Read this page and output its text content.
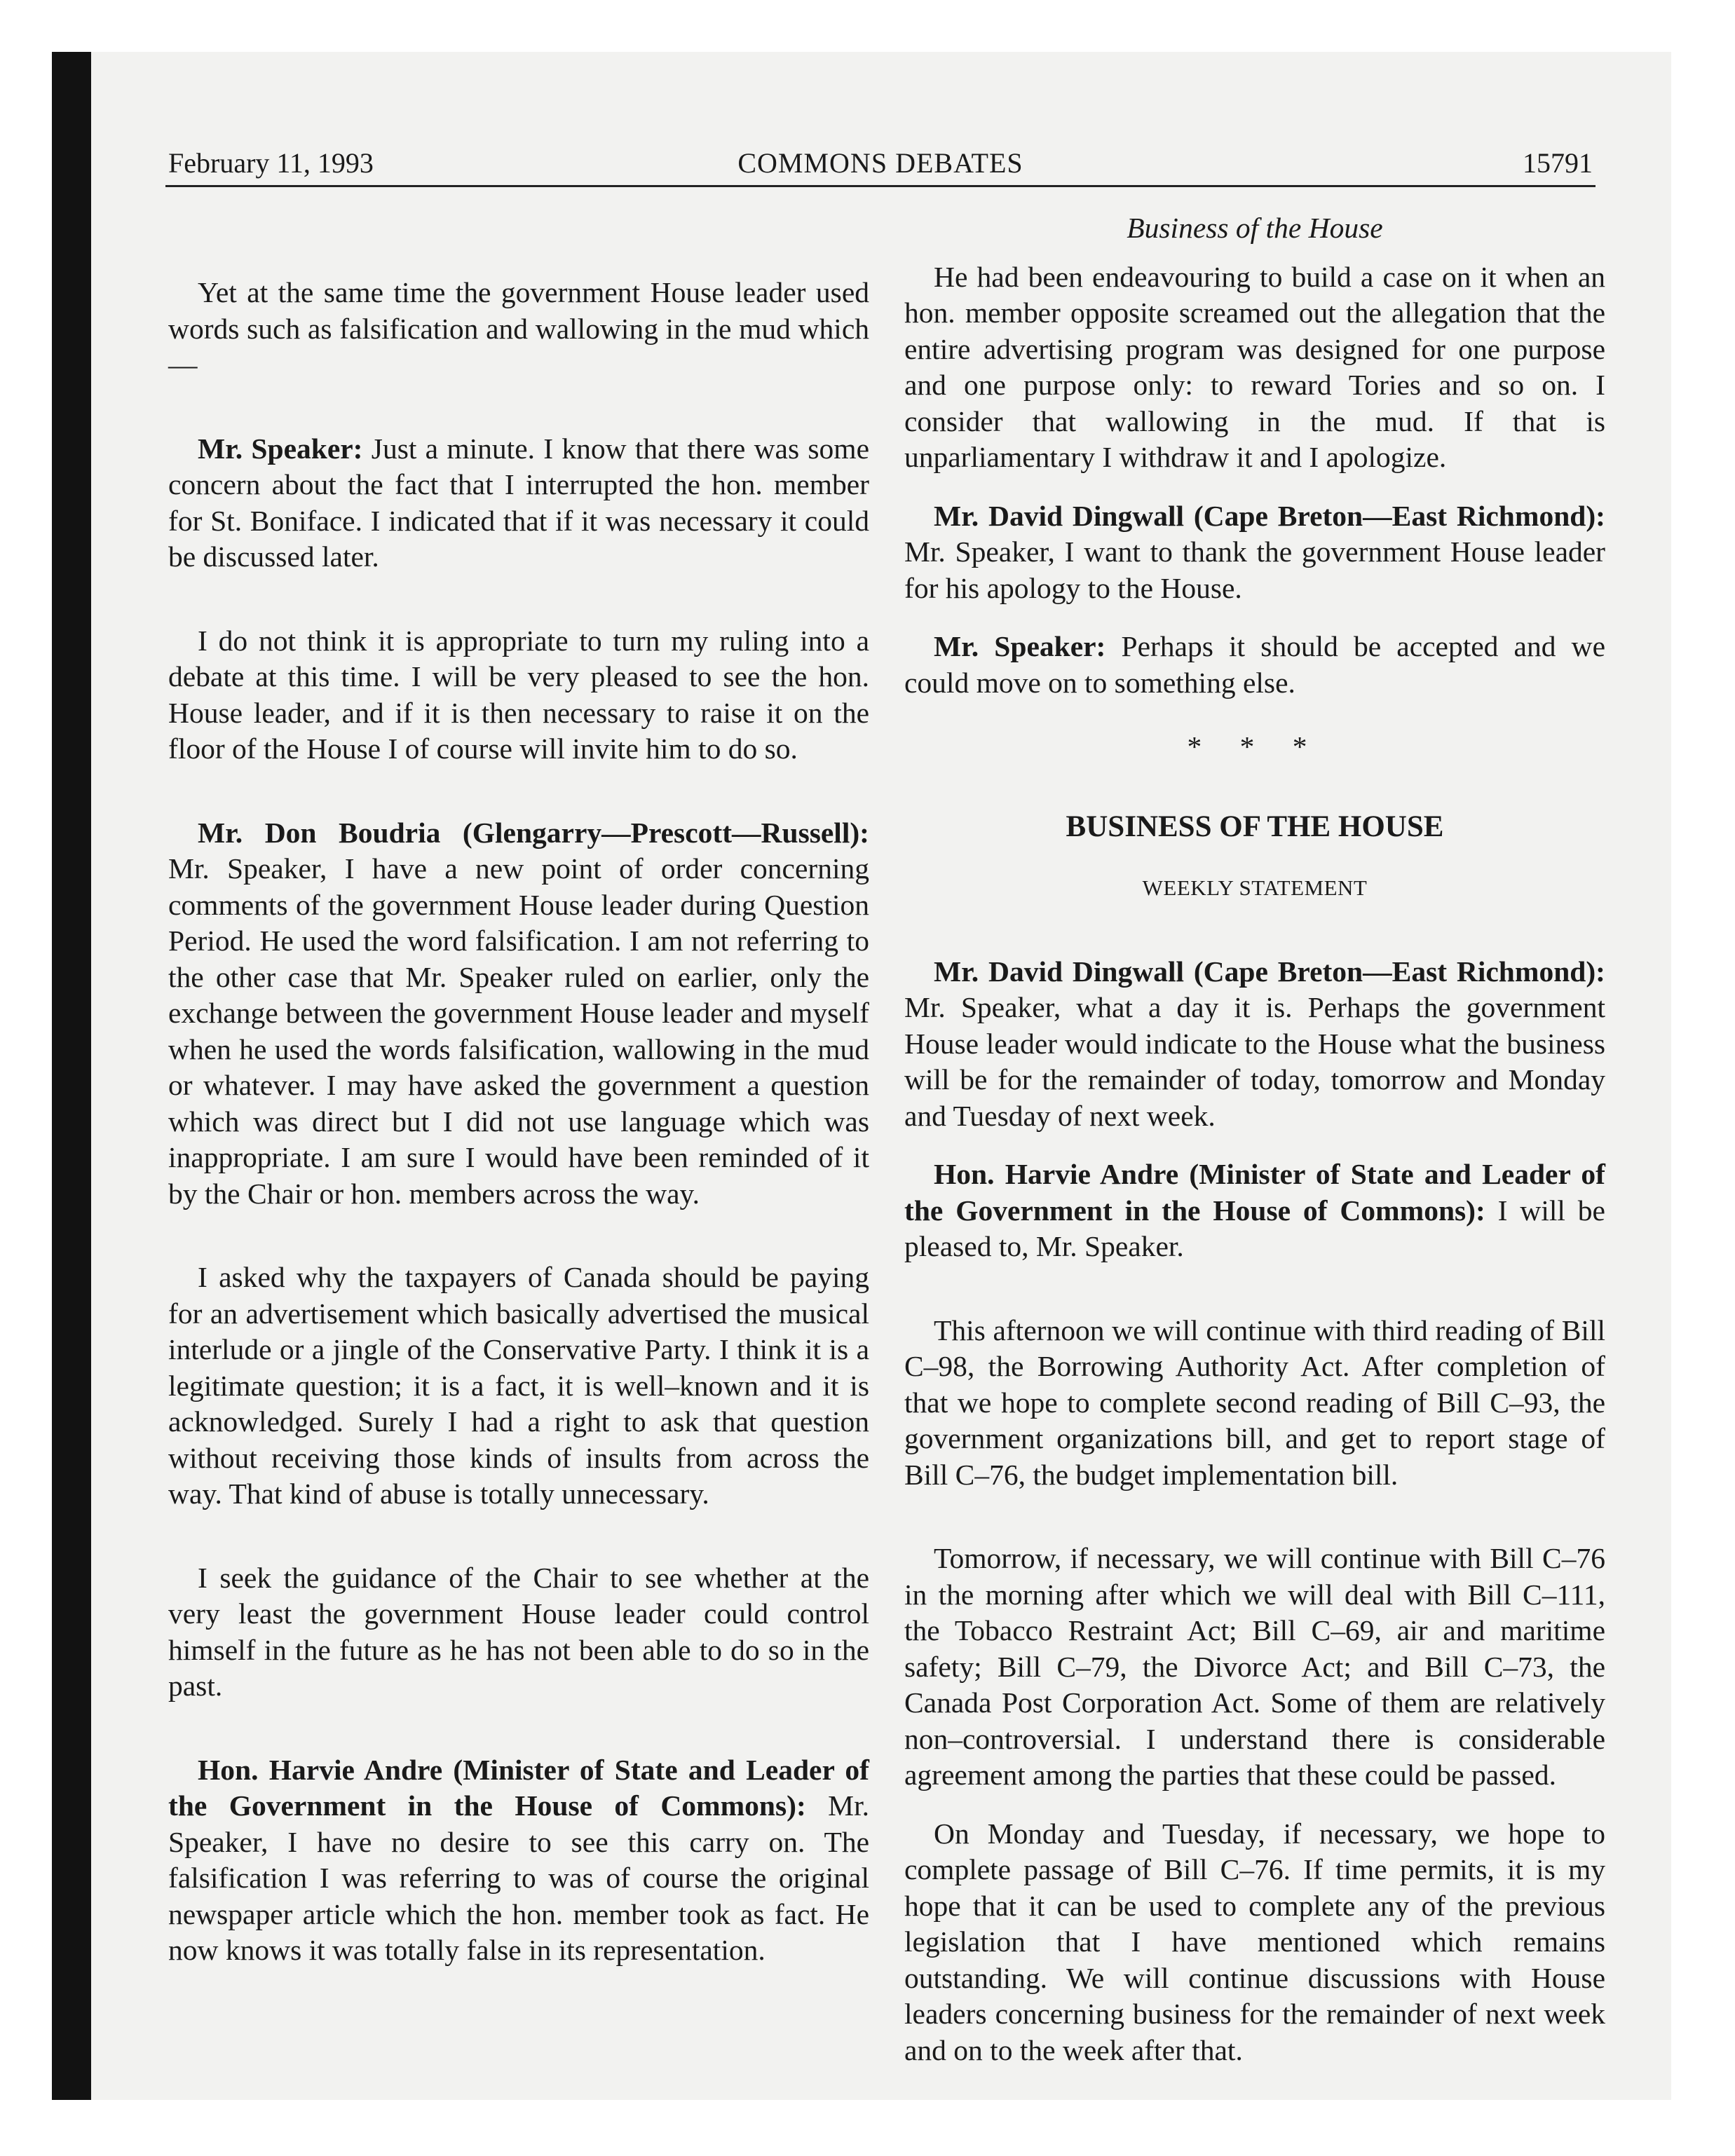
February 11, 1993	COMMONS DEBATES	15791

Yet at the same time the government House leader used words such as falsification and wallowing in the mud which—

Mr. Speaker: Just a minute. I know that there was some concern about the fact that I interrupted the hon. member for St. Boniface. I indicated that if it was necessary it could be discussed later.

I do not think it is appropriate to turn my ruling into a debate at this time. I will be very pleased to see the hon. House leader, and if it is then necessary to raise it on the floor of the House I of course will invite him to do so.

Mr. Don Boudria (Glengarry—Prescott—Russell): Mr. Speaker, I have a new point of order concerning comments of the government House leader during Question Period. He used the word falsification. I am not referring to the other case that Mr. Speaker ruled on earlier, only the exchange between the government House leader and myself when he used the words falsification, wallowing in the mud or whatever. I may have asked the government a question which was direct but I did not use language which was inappropriate. I am sure I would have been reminded of it by the Chair or hon. members across the way.

I asked why the taxpayers of Canada should be paying for an advertisement which basically advertised the musical interlude or a jingle of the Conservative Party. I think it is a legitimate question; it is a fact, it is well–known and it is acknowledged. Surely I had a right to ask that question without receiving those kinds of insults from across the way. That kind of abuse is totally unnecessary.

I seek the guidance of the Chair to see whether at the very least the government House leader could control himself in the future as he has not been able to do so in the past.

Hon. Harvie Andre (Minister of State and Leader of the Government in the House of Commons): Mr. Speaker, I have no desire to see this carry on. The falsification I was referring to was of course the original newspaper article which the hon. member took as fact. He now knows it was totally false in its representation.

Business of the House

He had been endeavouring to build a case on it when an hon. member opposite screamed out the allegation that the entire advertising program was designed for one purpose and one purpose only: to reward Tories and so on. I consider that wallowing in the mud. If that is unparliamentary I withdraw it and I apologize.

Mr. David Dingwall (Cape Breton—East Richmond): Mr. Speaker, I want to thank the government House leader for his apology to the House.

Mr. Speaker: Perhaps it should be accepted and we could move on to something else.

* * *

BUSINESS OF THE HOUSE

WEEKLY STATEMENT

Mr. David Dingwall (Cape Breton—East Richmond): Mr. Speaker, what a day it is. Perhaps the government House leader would indicate to the House what the business will be for the remainder of today, tomorrow and Monday and Tuesday of next week.

Hon. Harvie Andre (Minister of State and Leader of the Government in the House of Commons): I will be pleased to, Mr. Speaker.

This afternoon we will continue with third reading of Bill C–98, the Borrowing Authority Act. After completion of that we hope to complete second reading of Bill C–93, the government organizations bill, and get to report stage of Bill C–76, the budget implementation bill.

Tomorrow, if necessary, we will continue with Bill C–76 in the morning after which we will deal with Bill C–111, the Tobacco Restraint Act; Bill C–69, air and maritime safety; Bill C–79, the Divorce Act; and Bill C–73, the Canada Post Corporation Act. Some of them are relatively non–controversial. I understand there is considerable agreement among the parties that these could be passed.

On Monday and Tuesday, if necessary, we hope to complete passage of Bill C–76. If time permits, it is my hope that it can be used to complete any of the previous legislation that I have mentioned which remains outstanding. We will continue discussions with House leaders concerning business for the remainder of next week and on to the week after that.
